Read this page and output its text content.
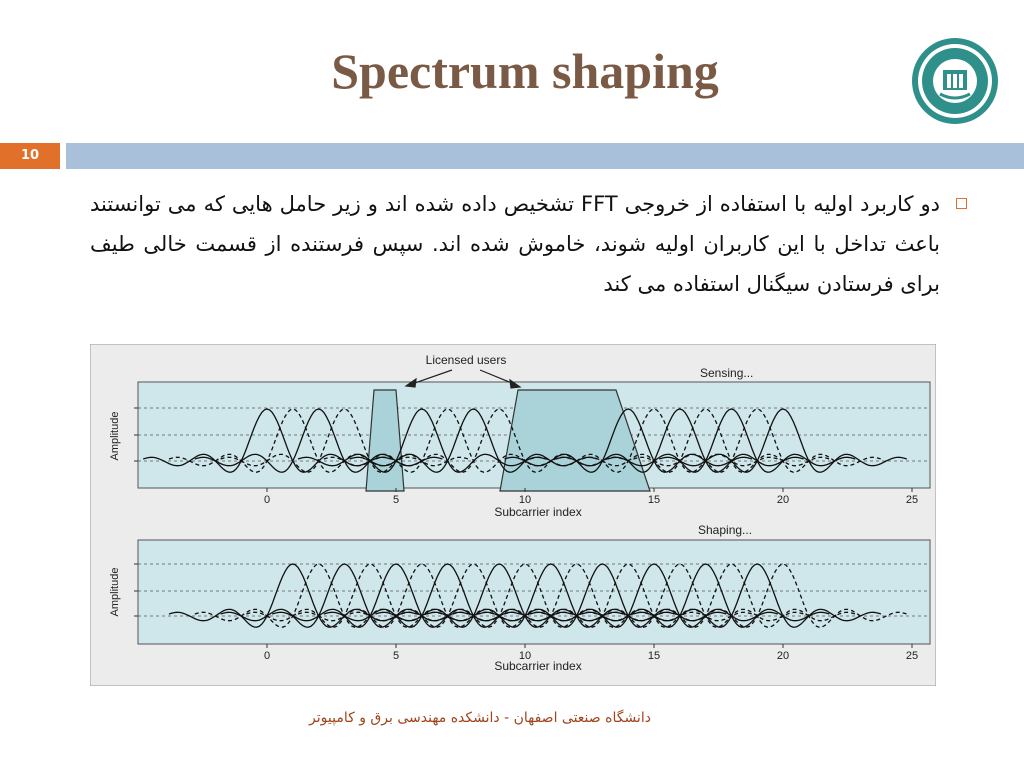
Spectrum shaping
10
دو کاربرد اولیه با استفاده از خروجی FFT تشخیص داده شده اند و زیر حامل هایی که می توانستند باعث تداخل با این کاربران اولیه شوند، خاموش شده اند. سپس فرستنده از قسمت خالی طیف برای فرستادن سیگنال استفاده می کند
0	5	10	15	20	25
Sensing...
Amplitude
Subcarrier index
Licensed users
0	5	10	15	20	25
Shaping...
Amplitude
Subcarrier index
دانشگاه صنعتی اصفهان - دانشکده مهندسی برق و کامپیوتر
